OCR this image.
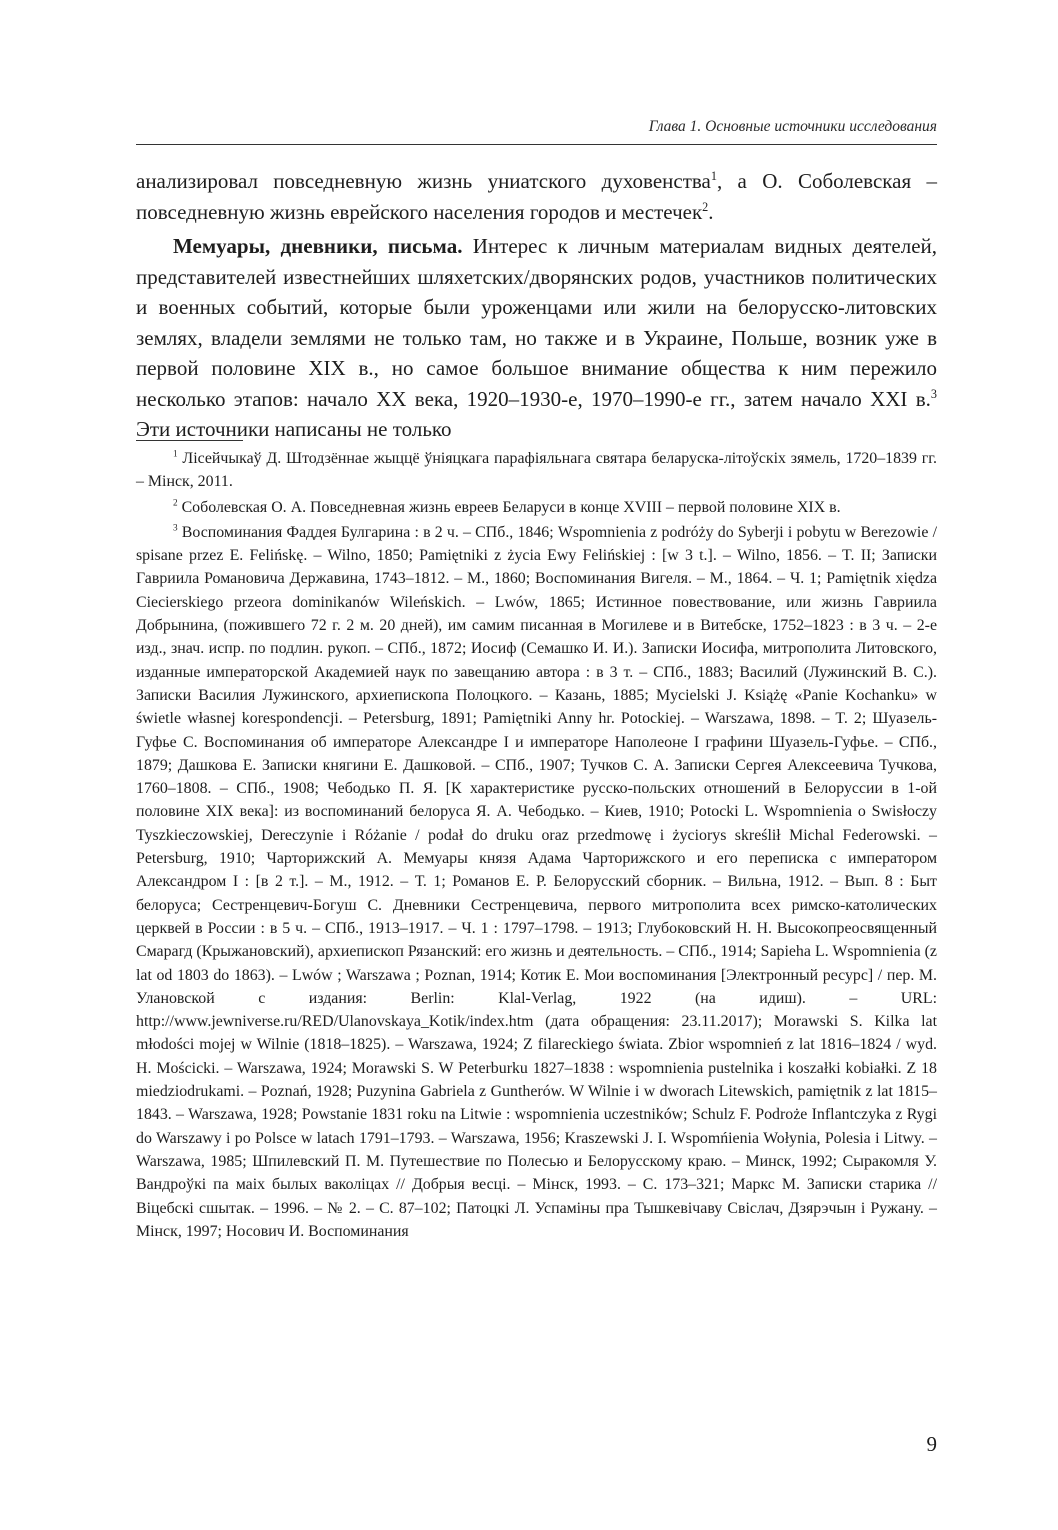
Глава 1. Основные источники исследования

анализировал повседневную жизнь униатского духовенства$^1$, а О. Соболевская – повседневную жизнь еврейского населения городов и местечек$^2$.

Мемуары, дневники, письма. Интерес к личным материалам видных деятелей, представителей известнейших шляхетских/дворянских родов, участников политических и военных событий, которые были уроженцами или жили на белорусско-литовских землях, владели землями не только там, но также и в Украине, Польше, возник уже в первой половине XIX в., но самое большое внимание общества к ним пережило несколько этапов: начало XX века, 1920–1930-е, 1970–1990-е гг., затем начало XXI в.$^3$ Эти источники написаны не только

$^1$ Лісейчыкаў Д. Штодзённае жыццё ўніяцкага парафіяльнага святара беларуска-літоўскіх зямель, 1720–1839 гг. – Мінск, 2011.

$^2$ Соболевская О. А. Повседневная жизнь евреев Беларуси в конце XVIII – первой половине XIX в.

$^3$ Воспоминания Фаддея Булгарина : в 2 ч. – СПб., 1846; Wspomnienia z podróży do Syberji i pobytu w Berezowie / spisane przez E. Felińskę. – Wilno, 1850; Pamiętniki z życia Ewy Felińskiej : [w 3 t.]. – Wilno, 1856. – T. II; Записки Гавриила Романовича Державина, 1743–1812. – М., 1860; Воспоминания Вигеля. – М., 1864. – Ч. 1; Pamiętnik xiędza Ciecierskiego przeora dominikanów Wileńskich. – Lwów, 1865; Истинное повествование, или жизнь Гавриила Добрынина, (пожившего 72 г. 2 м. 20 дней), им самим писанная в Могилеве и в Витебске, 1752–1823 : в 3 ч. – 2-е изд., знач. испр. по подлин. рукоп. – СПб., 1872; Иосиф (Семашко И. И.). Записки Иосифа, митрополита Литовского, изданные императорской Академией наук по завещанию автора : в 3 т. – СПб., 1883; Василий (Лужинский В. С.). Записки Василия Лужинского, архиепископа Полоцкого. – Казань, 1885; Mycielski J. Książę «Panie Kochanku» w świetle własnej korespondencji. – Petersburg, 1891; Pamiętniki Anny hr. Potockiej. – Warszawa, 1898. – T. 2; Шуазель-Гуфье С. Воспоминания об императоре Александре I и императоре Наполеоне I графини Шуазель-Гуфье. – СПб., 1879; Дашкова Е. Записки княгини Е. Дашковой. – СПб., 1907; Тучков С. А. Записки Сергея Алексеевича Тучкова, 1760–1808. – СПб., 1908; Чебодько П. Я. [К характеристике русско-польских отношений в Белоруссии в 1-ой половине XIX века]: из воспоминаний белоруса Я. А. Чебодько. – Киев, 1910; Potocki L. Wspomnienia o Swisłoczy Tyszkieczowskiej, Dereczynie i Różanie / podał do druku oraz przedmowę i życiorys skreślił Michal Federowski. – Petersburg, 1910; Чарторижский А. Мемуары князя Адама Чарторижского и его переписка с императором Александром I : [в 2 т.]. – М., 1912. – Т. 1; Романов Е. Р. Белорусский сборник. – Вильна, 1912. – Вып. 8 : Быт белоруса; Сестренцевич-Богуш С. Дневники Сестренцевича, первого митрополита всех римско-католических церквей в России : в 5 ч. – СПб., 1913–1917. – Ч. 1 : 1797–1798. – 1913; Глубоковский Н. Н. Высокопреосвященный Смарагд (Крыжановский), архиепископ Рязанский: его жизнь и деятельность. – СПб., 1914; Sapieha L. Wspomnienia (z lat od 1803 do 1863). – Lwów ; Warszawa ; Poznan, 1914; Котик Е. Мои воспоминания [Электронный ресурс] / пер. М. Улановской с издания: Berlin: Klal-Verlag, 1922 (на идиш). – URL: http://www.jewniverse.ru/RED/Ulanovskaya_Kotik/index.htm (дата обращения: 23.11.2017); Morawski S. Kilka lat młodości mojej w Wilnie (1818–1825). – Warszawa, 1924; Z filareckiego świata. Zbior wspomnień z lat 1816–1824 / wyd. H. Mościcki. – Warszawa, 1924; Morawski S. W Peterburku 1827–1838 : wspomnienia pustelnika i koszałki kobiałki. Z 18 miedziodrukami. – Poznań, 1928; Puzynina Gabriela z Guntherów. W Wilnie i w dworach Litewskich, pamiętnik z lat 1815–1843. – Warszawa, 1928; Powstanie 1831 roku na Litwie : wspomnienia uczestników; Schulz F. Podroże Inflantczyka z Rygi do Warszawy i po Polsce w latach 1791–1793. – Warszawa, 1956; Kraszewski J. I. Wspomńienia Wołynia, Polesia i Litwy. – Warszawa, 1985; Шпилевский П. М. Путешествие по Полесью и Белорусскому краю. – Минск, 1992; Сыракомля У. Вандроўкі па маіх былых ваколіцах // Добрыя весці. – Мінск, 1993. – С. 173–321; Маркс М. Записки старика // Віцебскі сшытак. – 1996. – № 2. – С. 87–102; Патоцкі Л. Успаміны пра Тышкевічаву Свіслач, Дзярэчын і Ружану. – Мінск, 1997; Носович И. Воспоминания

9
